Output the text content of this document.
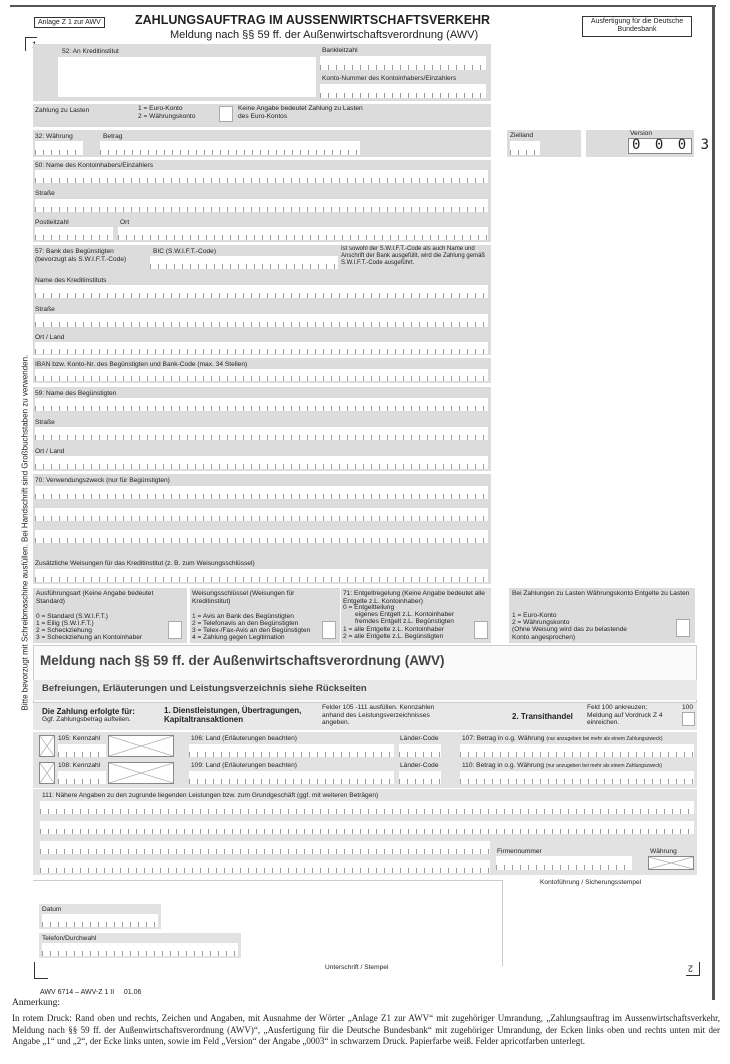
Anlage Z 1 zur AWV	ZAHLUNGSAUFTRAG IM AUSSENWIRTSCHAFTSVERKEHR
Meldung nach §§ 59 ff. der Außenwirtschaftsverordnung (AWV)
Ausfertigung für die Deutsche Bundesbank
Bitte bevorzugt mit Schreibmaschine ausfüllen. Bei Handschrift sind Großbuchstaben zu verwenden.
52: An Kreditinstitut	Bankleitzahl
Konto-Nummer des Kontoinhabers/Einzahlers
Zahlung zu Lasten	1 = Euro-Konto
2 = Währungskonto
Keine Angabe bedeutet Zahlung zu Lasten des Euro-Kontos
32: Währung	Betrag	Zielland	Version
0 0 0 3
50: Name des Kontoinhabers/Einzahlers
Straße
Postleitzahl	Ort
57: Bank des Begünstigten (bevorzugt als S.W.I.F.T.-Code)
BIC (S.W.I.F.T.-Code)	Ist sowohl der S.W.I.F.T.-Code als auch Name und Anschrift der Bank ausgefüllt, wird die Zahlung gemäß S.W.I.F.T.-Code ausgeführt.
Name des Kreditinstituts
Straße
Ort / Land
IBAN bzw. Konto-Nr. des Begünstigten und Bank-Code (max. 34 Stellen)
59: Name des Begünstigten
Straße
Ort / Land
70: Verwendungszweck (nur für Begünstigten)
Zusätzliche Weisungen für das Kreditinstitut (z. B. zum Weisungsschlüssel)
Ausführungsart (Keine Angabe bedeutet Standard)
0 = Standard (S.W.I.F.T.)
1 = Eilig (S.W.I.F.T.)
2 = Scheckziehung
3 = Scheckziehung an Kontoinhaber
Weisungsschlüssel (Weisungen für Kreditinstitut)
1 = Avis an Bank des Begünstigten
2 = Telefonavis an den Begünstigten
3 = Telex-/Fax-Avis an den Begünstigten
4 = Zahlung gegen Legitimation
71: Entgeltregelung (Keine Angabe bedeutet alle Entgelte z.L. Kontoinhaber)
0 = Entgeltteilung
eigenes Entgelt z.L. Kontoinhaber
fremdes Entgelt z.L. Begünstigten
1 = alle Entgelte z.L. Kontoinhaber
2 = alle Entgelte z.L. Begünstigten
Bei Zahlungen zu Lasten Währungskonto Entgelte zu Lasten
1 = Euro-Konto
2 = Währungskonto
(Ohne Weisung wird das zu belastende Konto angesprochen)
Meldung nach §§ 59 ff. der Außenwirtschaftsverordnung (AWV)
Befreiungen, Erläuterungen und Leistungsverzeichnis siehe Rückseiten
Die Zahlung erfolgte für:
Ggf. Zahlungsbetrag aufteilen.
1. Dienstleistungen, Übertragungen, Kapitaltransaktionen
Felder 105 -111 ausfüllen. Kennzahlen anhand des Leistungsverzeichnisses angeben.
2. Transithandel
Feld 100 ankreuzen; Meldung auf Vordruck Z 4 einreichen.
100
105: Kennzahl	106: Land (Erläuterungen beachten)	Länder-Code	107: Betrag in o.g. Währung (nur anzugeben bei mehr als einem Zahlungszweck)
108: Kennzahl	109: Land (Erläuterungen beachten)	Länder-Code	110: Betrag in o.g. Währung (nur anzugeben bei mehr als einem Zahlungszweck)
111: Nähere Angaben zu den zugrunde liegenden Leistungen bzw. zum Grundgeschäft (ggf. mit weiteren Beträgen)
Firmennummer	Währung
Kontoführung / Sicherungsstempel
Datum
Telefon/Durchwahl
Unterschrift / Stempel	2
AWV 6714 – AWV-Z 1 II     01.06
Anmerkung:
In rotem Druck: Rand oben und rechts, Zeichen und Angaben, mit Ausnahme der Wörter „Anlage Z1 zur AWV“ mit zugehöriger Umrandung, „Zahlungsauftrag im Aussenwirtschaftsverkehr, Meldung nach §§ 59 ff. der Außenwirtschaftsverordnung (AWV)“, „Ausfertigung für die Deutsche Bundesbank“ mit zugehöriger Umrandung, der Ecken links oben und rechts unten mit der Angabe „1“ und „2“, der Ecke links unten, sowie im Feld „Version“ der Angabe „0003“ in schwarzem Druck. Papierfarbe weiß. Felder apricotfarben unterlegt.
